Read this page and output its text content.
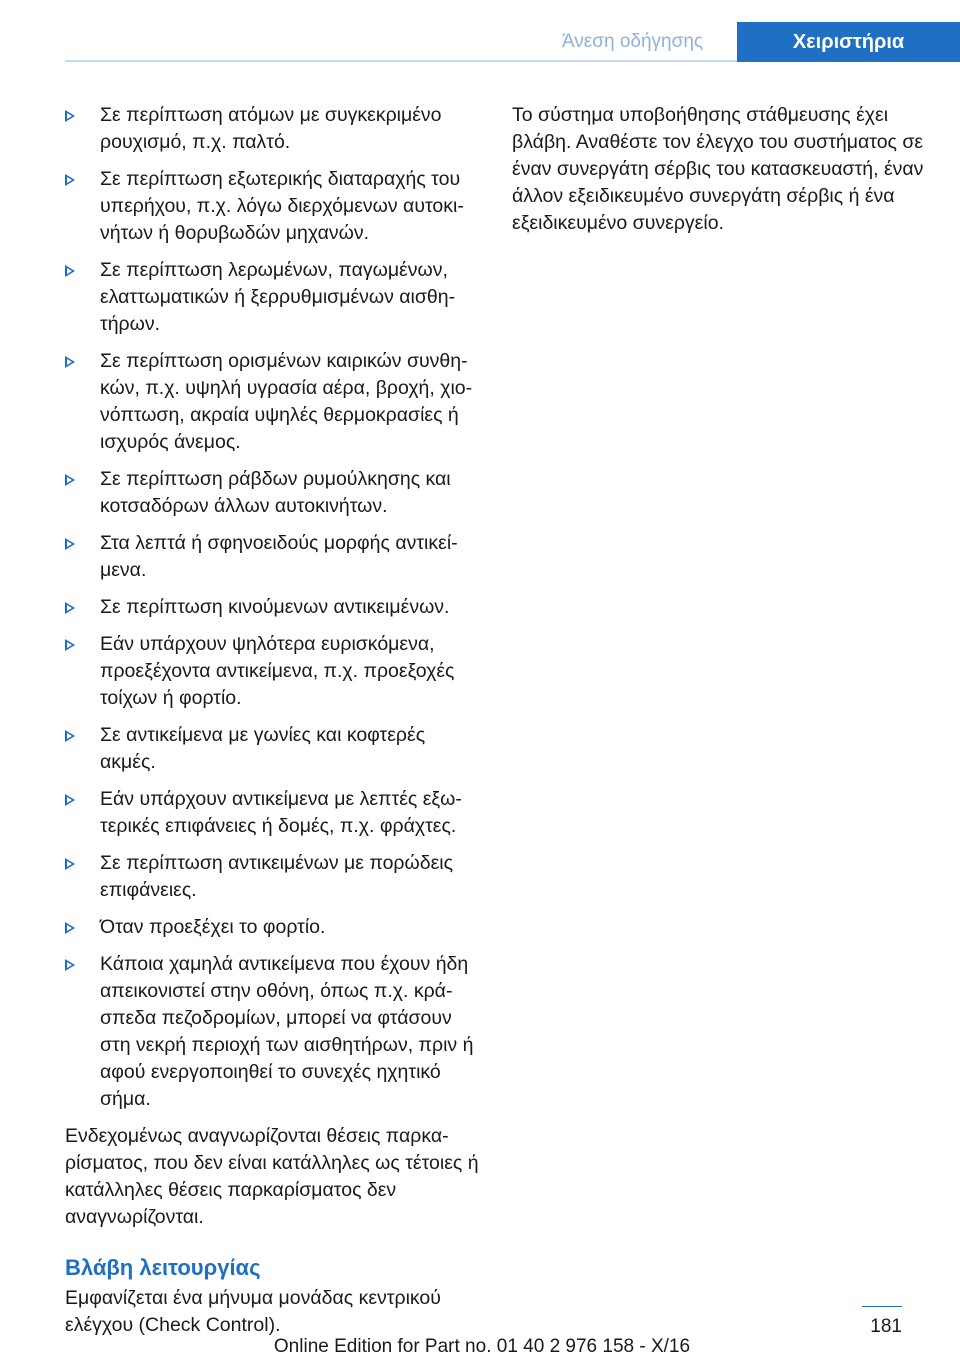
Άνεση οδήγησης	Χειριστήρια
Σε περίπτωση ατόμων με συγκεκριμένο ρουχισμό, π.χ. παλτό.
Σε περίπτωση εξωτερικής διαταραχής του υπερήχου, π.χ. λόγω διερχόμενων αυτοκινήτων ή θορυβωδών μηχανών.
Σε περίπτωση λερωμένων, παγωμένων, ελαττωματικών ή ξερρυθμισμένων αισθητήρων.
Σε περίπτωση ορισμένων καιρικών συνθηκών, π.χ. υψηλή υγρασία αέρα, βροχή, χιονόπτωση, ακραία υψηλές θερμοκρασίες ή ισχυρός άνεμος.
Σε περίπτωση ράβδων ρυμούλκησης και κοτσαδόρων άλλων αυτοκινήτων.
Στα λεπτά ή σφηνοειδούς μορφής αντικείμενα.
Σε περίπτωση κινούμενων αντικειμένων.
Εάν υπάρχουν ψηλότερα ευρισκόμενα, προεξέχοντα αντικείμενα, π.χ. προεξοχές τοίχων ή φορτίο.
Σε αντικείμενα με γωνίες και κοφτερές ακμές.
Εάν υπάρχουν αντικείμενα με λεπτές εξωτερικές επιφάνειες ή δομές, π.χ. φράχτες.
Σε περίπτωση αντικειμένων με πορώδεις επιφάνειες.
Όταν προεξέχει το φορτίο.
Κάποια χαμηλά αντικείμενα που έχουν ήδη απεικονιστεί στην οθόνη, όπως π.χ. κράσπεδα πεζοδρομίων, μπορεί να φτάσουν στη νεκρή περιοχή των αισθητήρων, πριν ή αφού ενεργοποιηθεί το συνεχές ηχητικό σήμα.

Ενδεχομένως αναγνωρίζονται θέσεις παρκαρίσματος, που δεν είναι κατάλληλες ως τέτοιες ή κατάλληλες θέσεις παρκαρίσματος δεν αναγνωρίζονται.

Βλάβη λειτουργίας

Εμφανίζεται ένα μήνυμα μονάδας κεντρικού ελέγχου (Check Control).

Το σύστημα υποβοήθησης στάθμευσης έχει βλάβη. Αναθέστε τον έλεγχο του συστήματος σε έναν συνεργάτη σέρβις του κατασκευαστή, έναν άλλον εξειδικευμένο συνεργάτη σέρβις ή ένα εξειδικευμένο συνεργείο.

181
Online Edition for Part no. 01 40 2 976 158 - X/16
